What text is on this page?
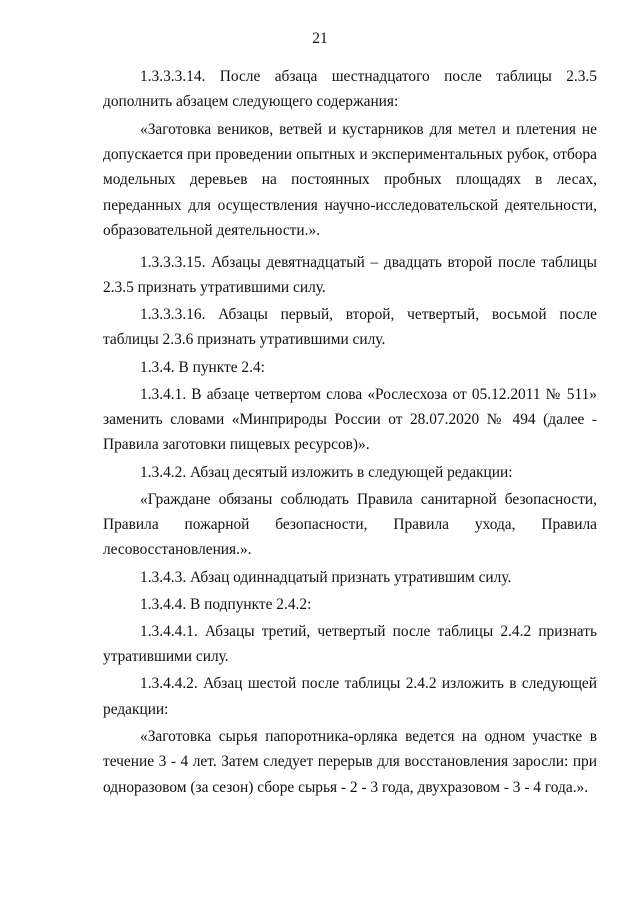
21

1.3.3.3.14. После абзаца шестнадцатого после таблицы 2.3.5 дополнить абзацем следующего содержания:

«Заготовка веников, ветвей и кустарников для метел и плетения не допускается при проведении опытных и экспериментальных рубок, отбора модельных деревьев на постоянных пробных площадях в лесах, переданных для осуществления научно-исследовательской деятельности, образовательной деятельности.».

1.3.3.3.15. Абзацы девятнадцатый – двадцать второй после таблицы 2.3.5 признать утратившими силу.

1.3.3.3.16. Абзацы первый, второй, четвертый, восьмой после таблицы 2.3.6 признать утратившими силу.

1.3.4. В пункте 2.4:

1.3.4.1. В абзаце четвертом слова «Рослесхоза от 05.12.2011 № 511» заменить словами «Минприроды России от 28.07.2020 № 494 (далее - Правила заготовки пищевых ресурсов)».

1.3.4.2. Абзац десятый изложить в следующей редакции:

«Граждане обязаны соблюдать Правила санитарной безопасности, Правила пожарной безопасности, Правила ухода, Правила лесовосстановления.».

1.3.4.3. Абзац одиннадцатый признать утратившим силу.

1.3.4.4. В подпункте 2.4.2:

1.3.4.4.1. Абзацы третий, четвертый после таблицы 2.4.2 признать утратившими силу.

1.3.4.4.2. Абзац шестой после таблицы 2.4.2 изложить в следующей редакции:

«Заготовка сырья папоротника-орляка ведется на одном участке в течение 3 - 4 лет. Затем следует перерыв для восстановления заросли: при одноразовом (за сезон) сборе сырья - 2 - 3 года, двухразовом - 3 - 4 года.».
